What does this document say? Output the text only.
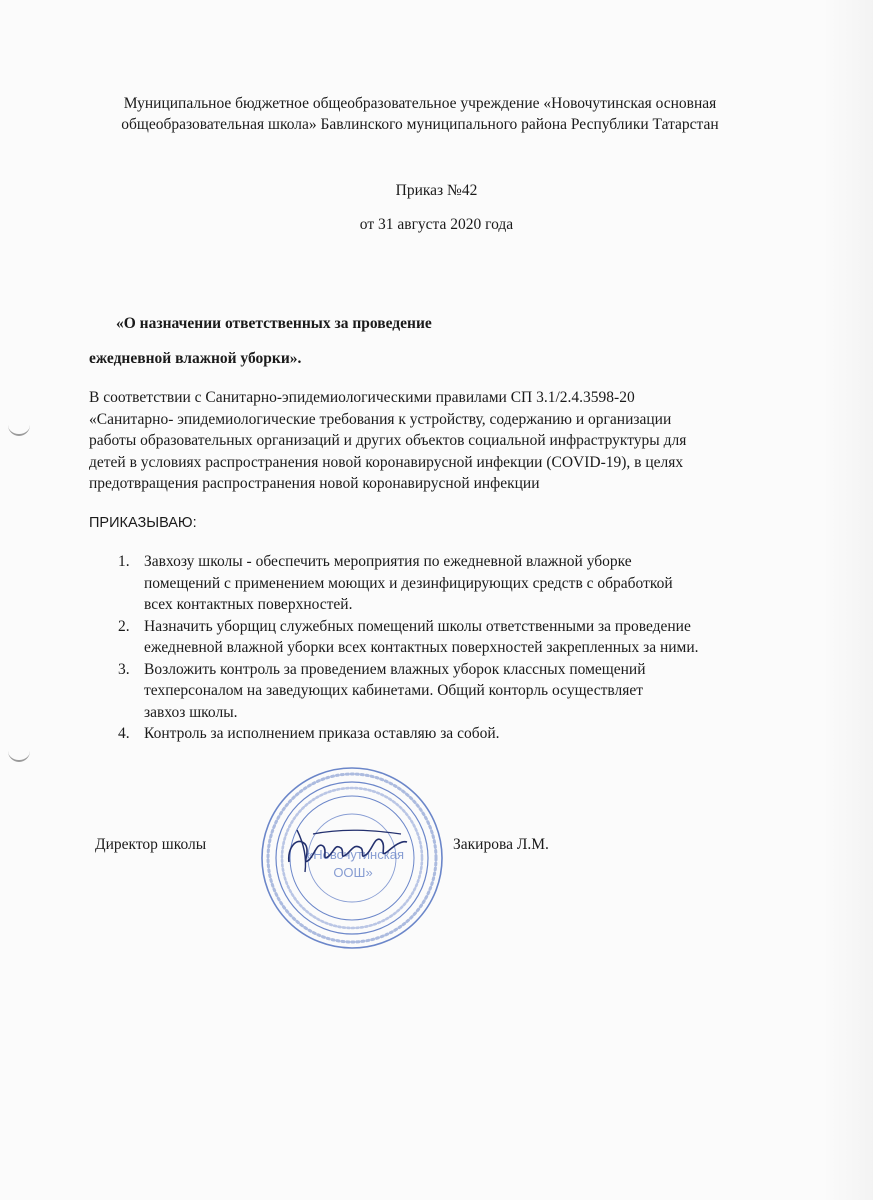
Муниципальное бюджетное общеобразовательное учреждение «Новочутинская основная
общеобразовательная школа» Бавлинского муниципального района Республики Татарстан
Приказ №42
от 31 августа 2020 года
«О назначении ответственных за проведение
ежедневной влажной уборки».
В соответствии с Санитарно-эпидемиологическими правилами СП 3.1/2.4.3598-20
«Санитарно- эпидемиологические требования к устройству, содержанию и организации
работы образовательных организаций и других объектов социальной инфраструктуры для
детей в условиях распространения новой коронавирусной инфекции (COVID-19), в целях
предотвращения распространения новой коронавирусной инфекции
ПРИКАЗЫВАЮ:
1. Завхозу школы - обеспечить мероприятия по ежедневной влажной уборке
помещений с применением моющих и дезинфицирующих средств с обработкой
всех контактных поверхностей.
2. Назначить уборщиц служебных помещений школы ответственными за проведение
ежедневной влажной уборки всех контактных поверхностей закрепленных за ними.
3. Возложить контроль за проведением влажных уборок классных помещений
техперсоналом на заведующих кабинетами. Общий конторль осуществляет
завхоз школы.
4. Контроль за исполнением приказа оставляю за собой.
Директор школы
«Новочутинская
ООШ»
Закирова Л.М.
